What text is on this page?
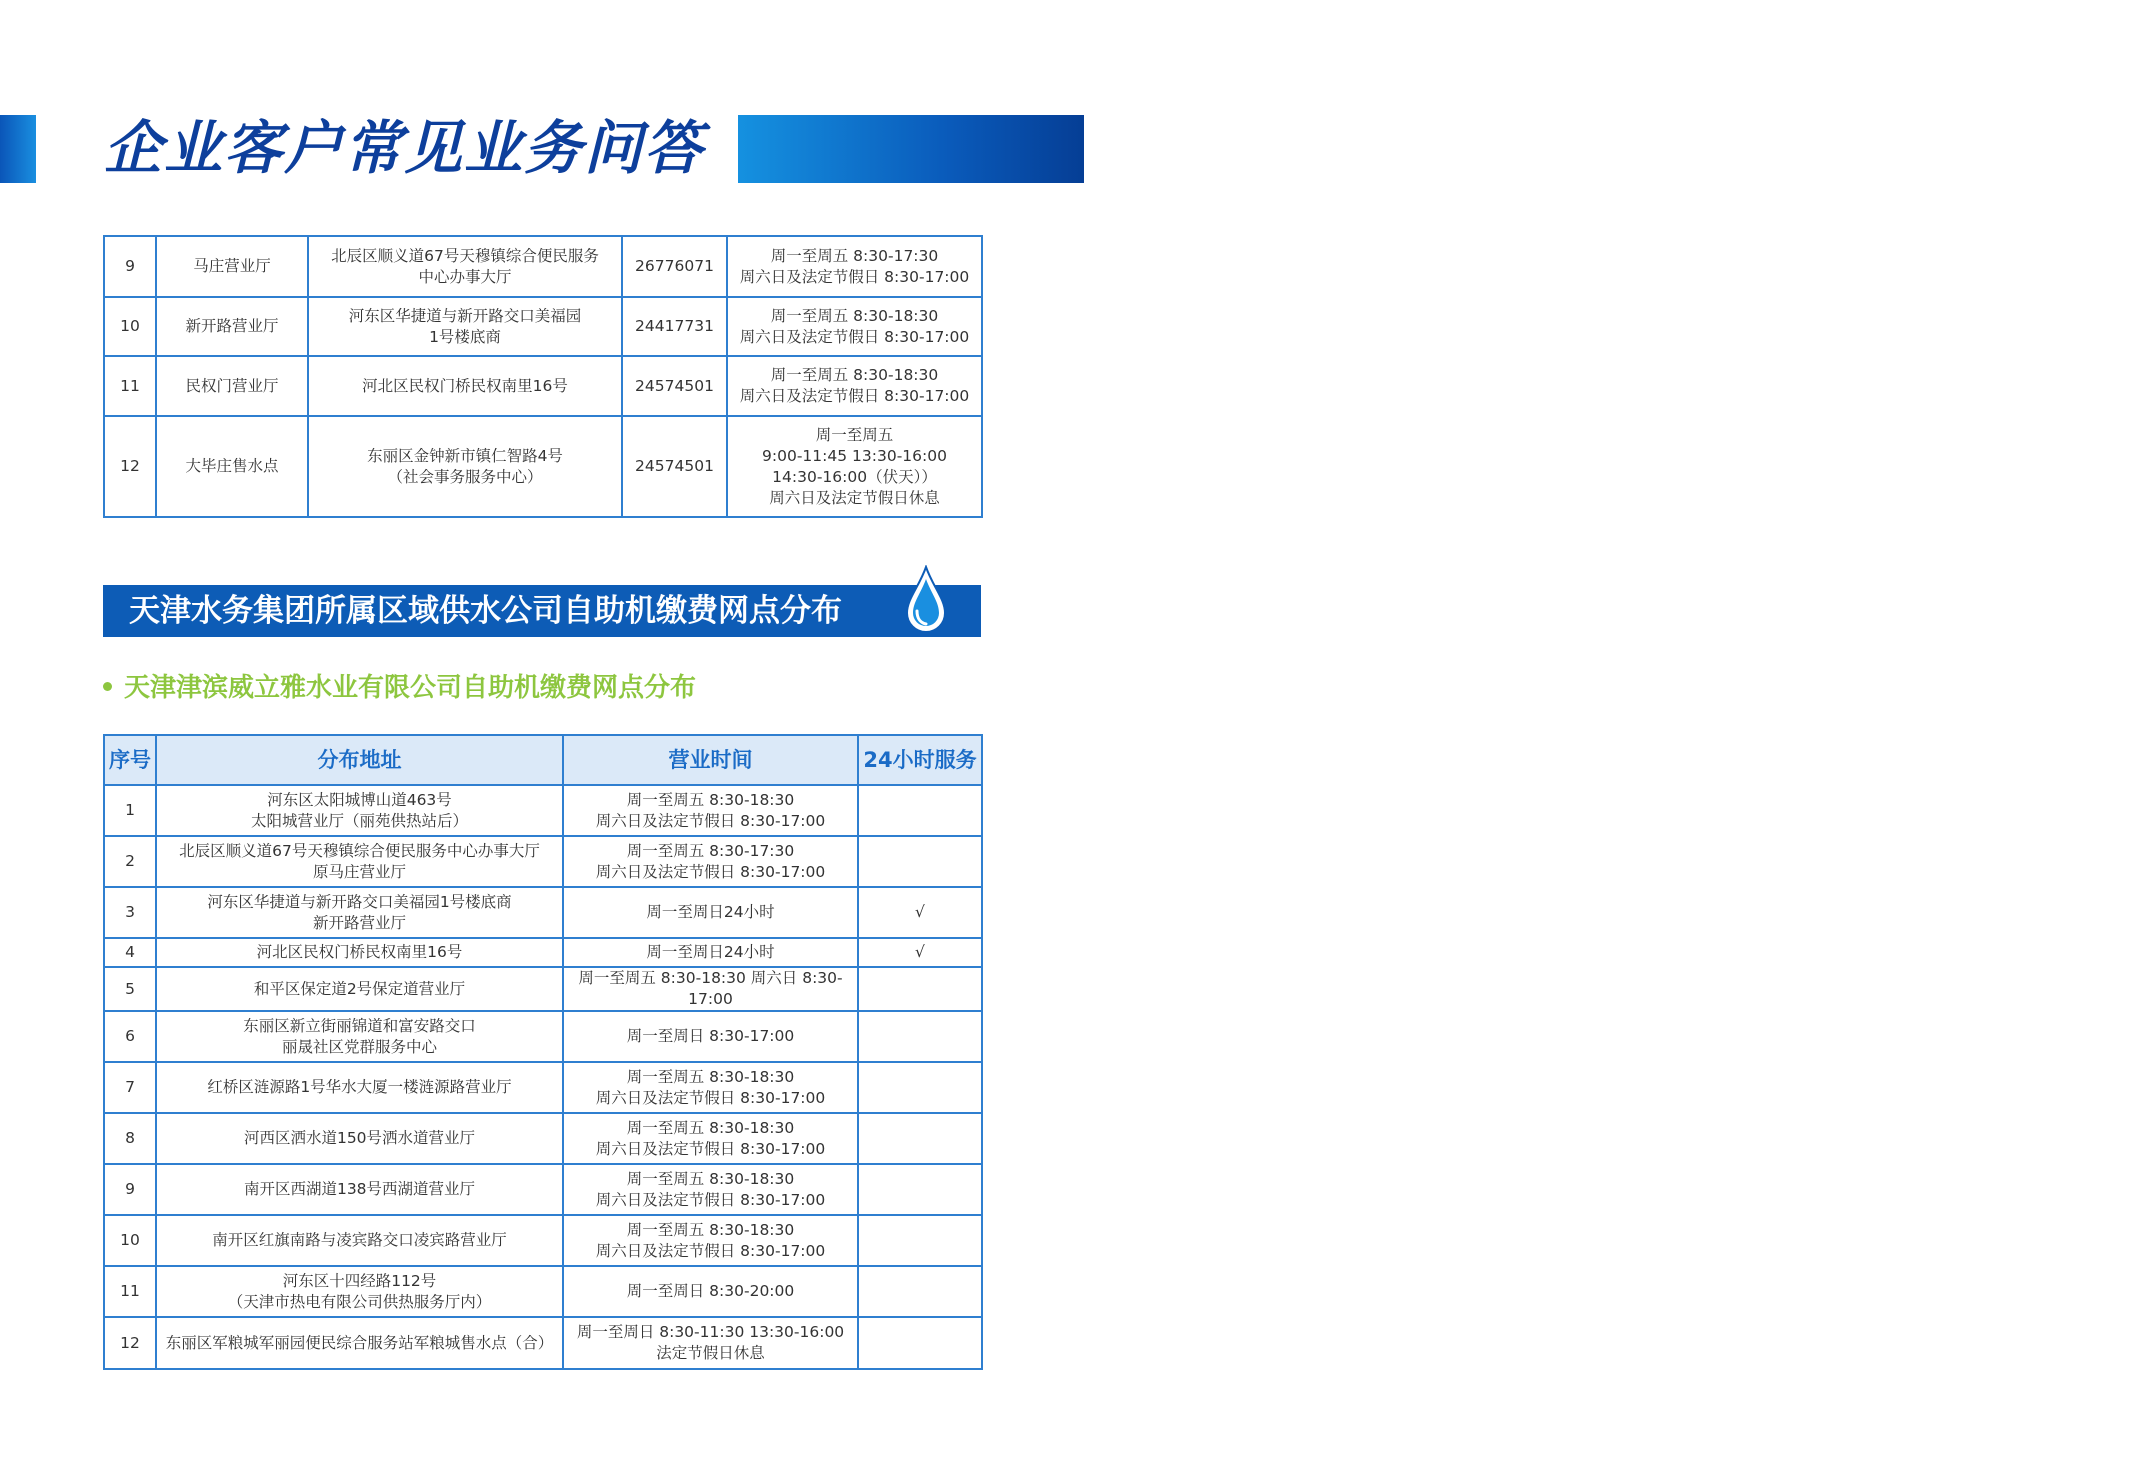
企业客户常见业务问答
9	马庄营业厅	北辰区顺义道67号天穆镇综合便民服务
中心办事大厅	26776071	周一至周五 8:30-17:30
周六日及法定节假日 8:30-17:00
10	新开路营业厅	河东区华捷道与新开路交口美福园
1号楼底商	24417731	周一至周五 8:30-18:30
周六日及法定节假日 8:30-17:00
11	民权门营业厅	河北区民权门桥民权南里16号	24574501	周一至周五 8:30-18:30
周六日及法定节假日 8:30-17:00
12	大毕庄售水点	东丽区金钟新市镇仁智路4号
（社会事务服务中心）	24574501	周一至周五
9:00-11:45 13:30-16:00
14:30-16:00（伏天））
周六日及法定节假日休息
天津水务集团所属区域供水公司自助机缴费网点分布
天津津滨威立雅水业有限公司自助机缴费网点分布
序号	分布地址	营业时间	24小时服务
1	河东区太阳城博山道463号
太阳城营业厅（丽苑供热站后）	周一至周五 8:30-18:30
周六日及法定节假日 8:30-17:00	
2	北辰区顺义道67号天穆镇综合便民服务中心办事大厅
原马庄营业厅	周一至周五 8:30-17:30
周六日及法定节假日 8:30-17:00	
3	河东区华捷道与新开路交口美福园1号楼底商
新开路营业厅	周一至周日24小时	√
4	河北区民权门桥民权南里16号	周一至周日24小时	√
5	和平区保定道2号保定道营业厅	周一至周五 8:30-18:30 周六日 8:30-17:00	
6	东丽区新立街丽锦道和富安路交口
丽晟社区党群服务中心	周一至周日 8:30-17:00	
7	红桥区涟源路1号华水大厦一楼涟源路营业厅	周一至周五 8:30-18:30
周六日及法定节假日 8:30-17:00	
8	河西区洒水道150号洒水道营业厅	周一至周五 8:30-18:30
周六日及法定节假日 8:30-17:00	
9	南开区西湖道138号西湖道营业厅	周一至周五 8:30-18:30
周六日及法定节假日 8:30-17:00	
10	南开区红旗南路与凌宾路交口凌宾路营业厅	周一至周五 8:30-18:30
周六日及法定节假日 8:30-17:00	
11	河东区十四经路112号
（天津市热电有限公司供热服务厅内）	周一至周日 8:30-20:00	
12	东丽区军粮城军丽园便民综合服务站军粮城售水点（合）	周一至周日 8:30-11:30 13:30-16:00
法定节假日休息	
